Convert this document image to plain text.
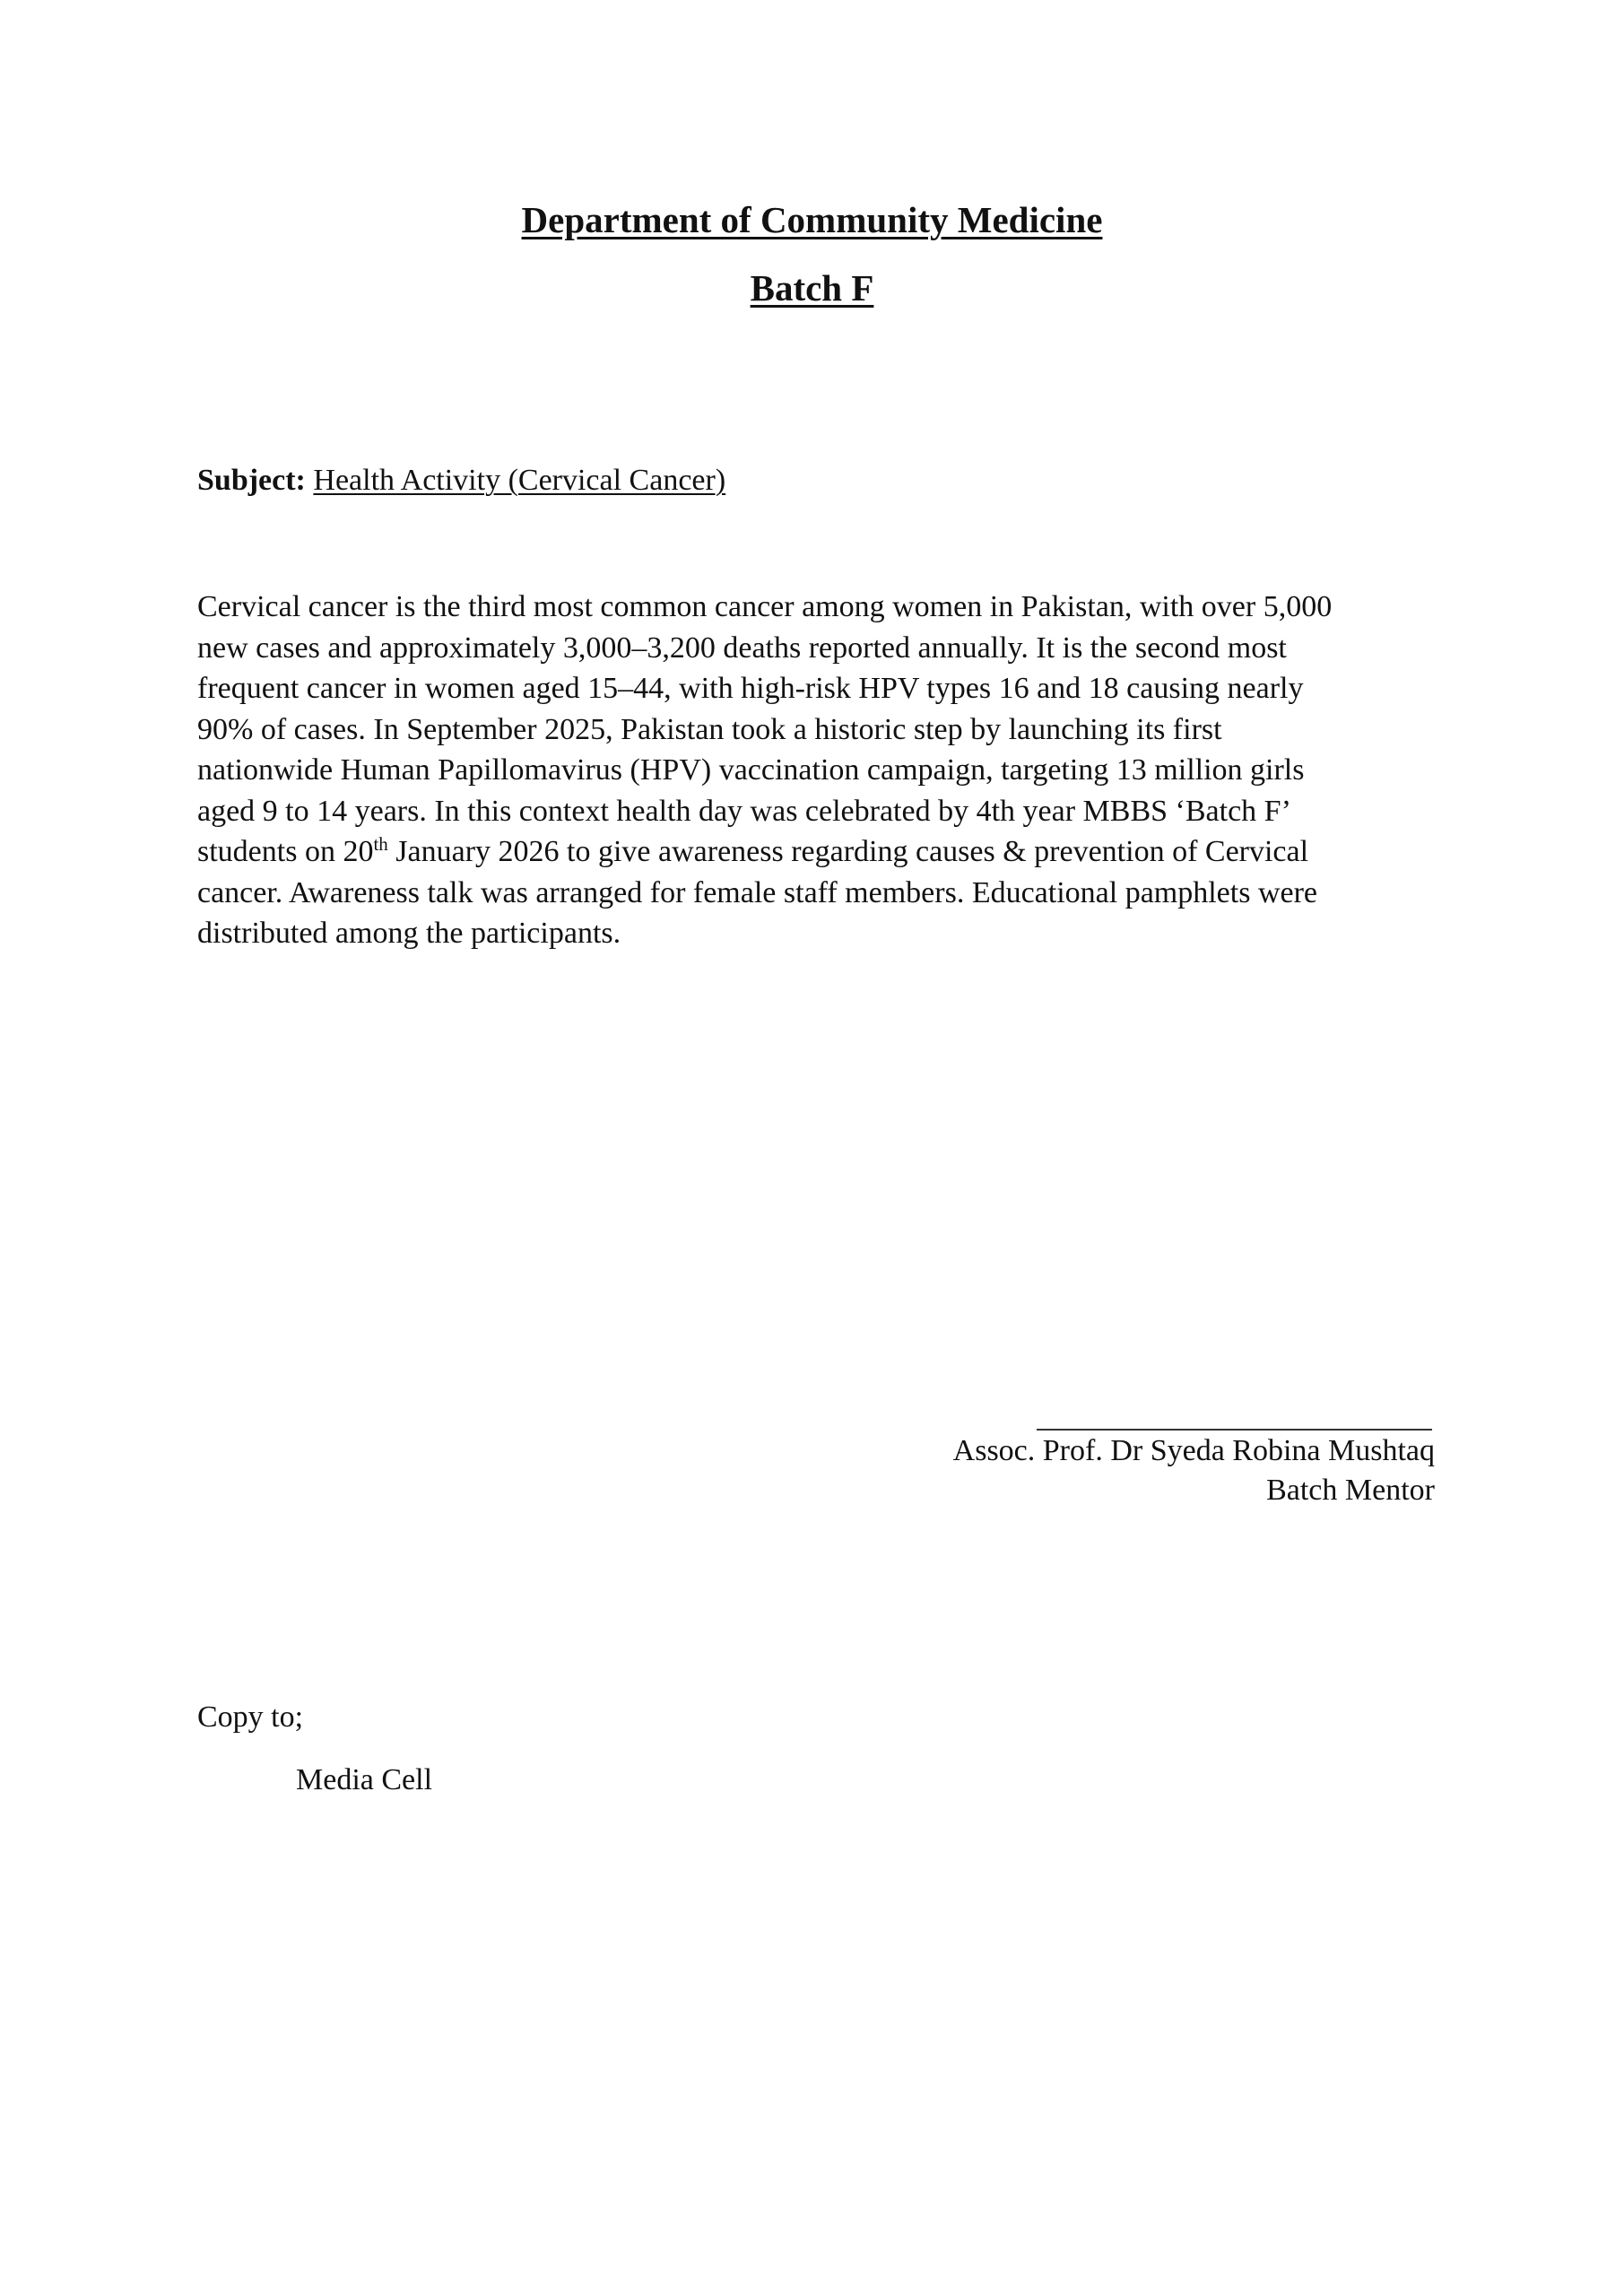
Department of Community Medicine
Batch F
Subject: Health Activity (Cervical Cancer)
Cervical cancer is the third most common cancer among women in Pakistan, with over 5,000
new cases and approximately 3,000–3,200 deaths reported annually. It is the second most
frequent cancer in women aged 15–44, with high-risk HPV types 16 and 18 causing nearly
90% of cases. In September 2025, Pakistan took a historic step by launching its first
nationwide Human Papillomavirus (HPV) vaccination campaign, targeting 13 million girls
aged 9 to 14 years. In this context health day was celebrated by 4th year MBBS ‘Batch F’
students on 20th January 2026 to give awareness regarding causes & prevention of Cervical
cancer. Awareness talk was arranged for female staff members. Educational pamphlets were
distributed among the participants.
Assoc. Prof. Dr Syeda Robina Mushtaq
Batch Mentor
Copy to;
Media Cell
